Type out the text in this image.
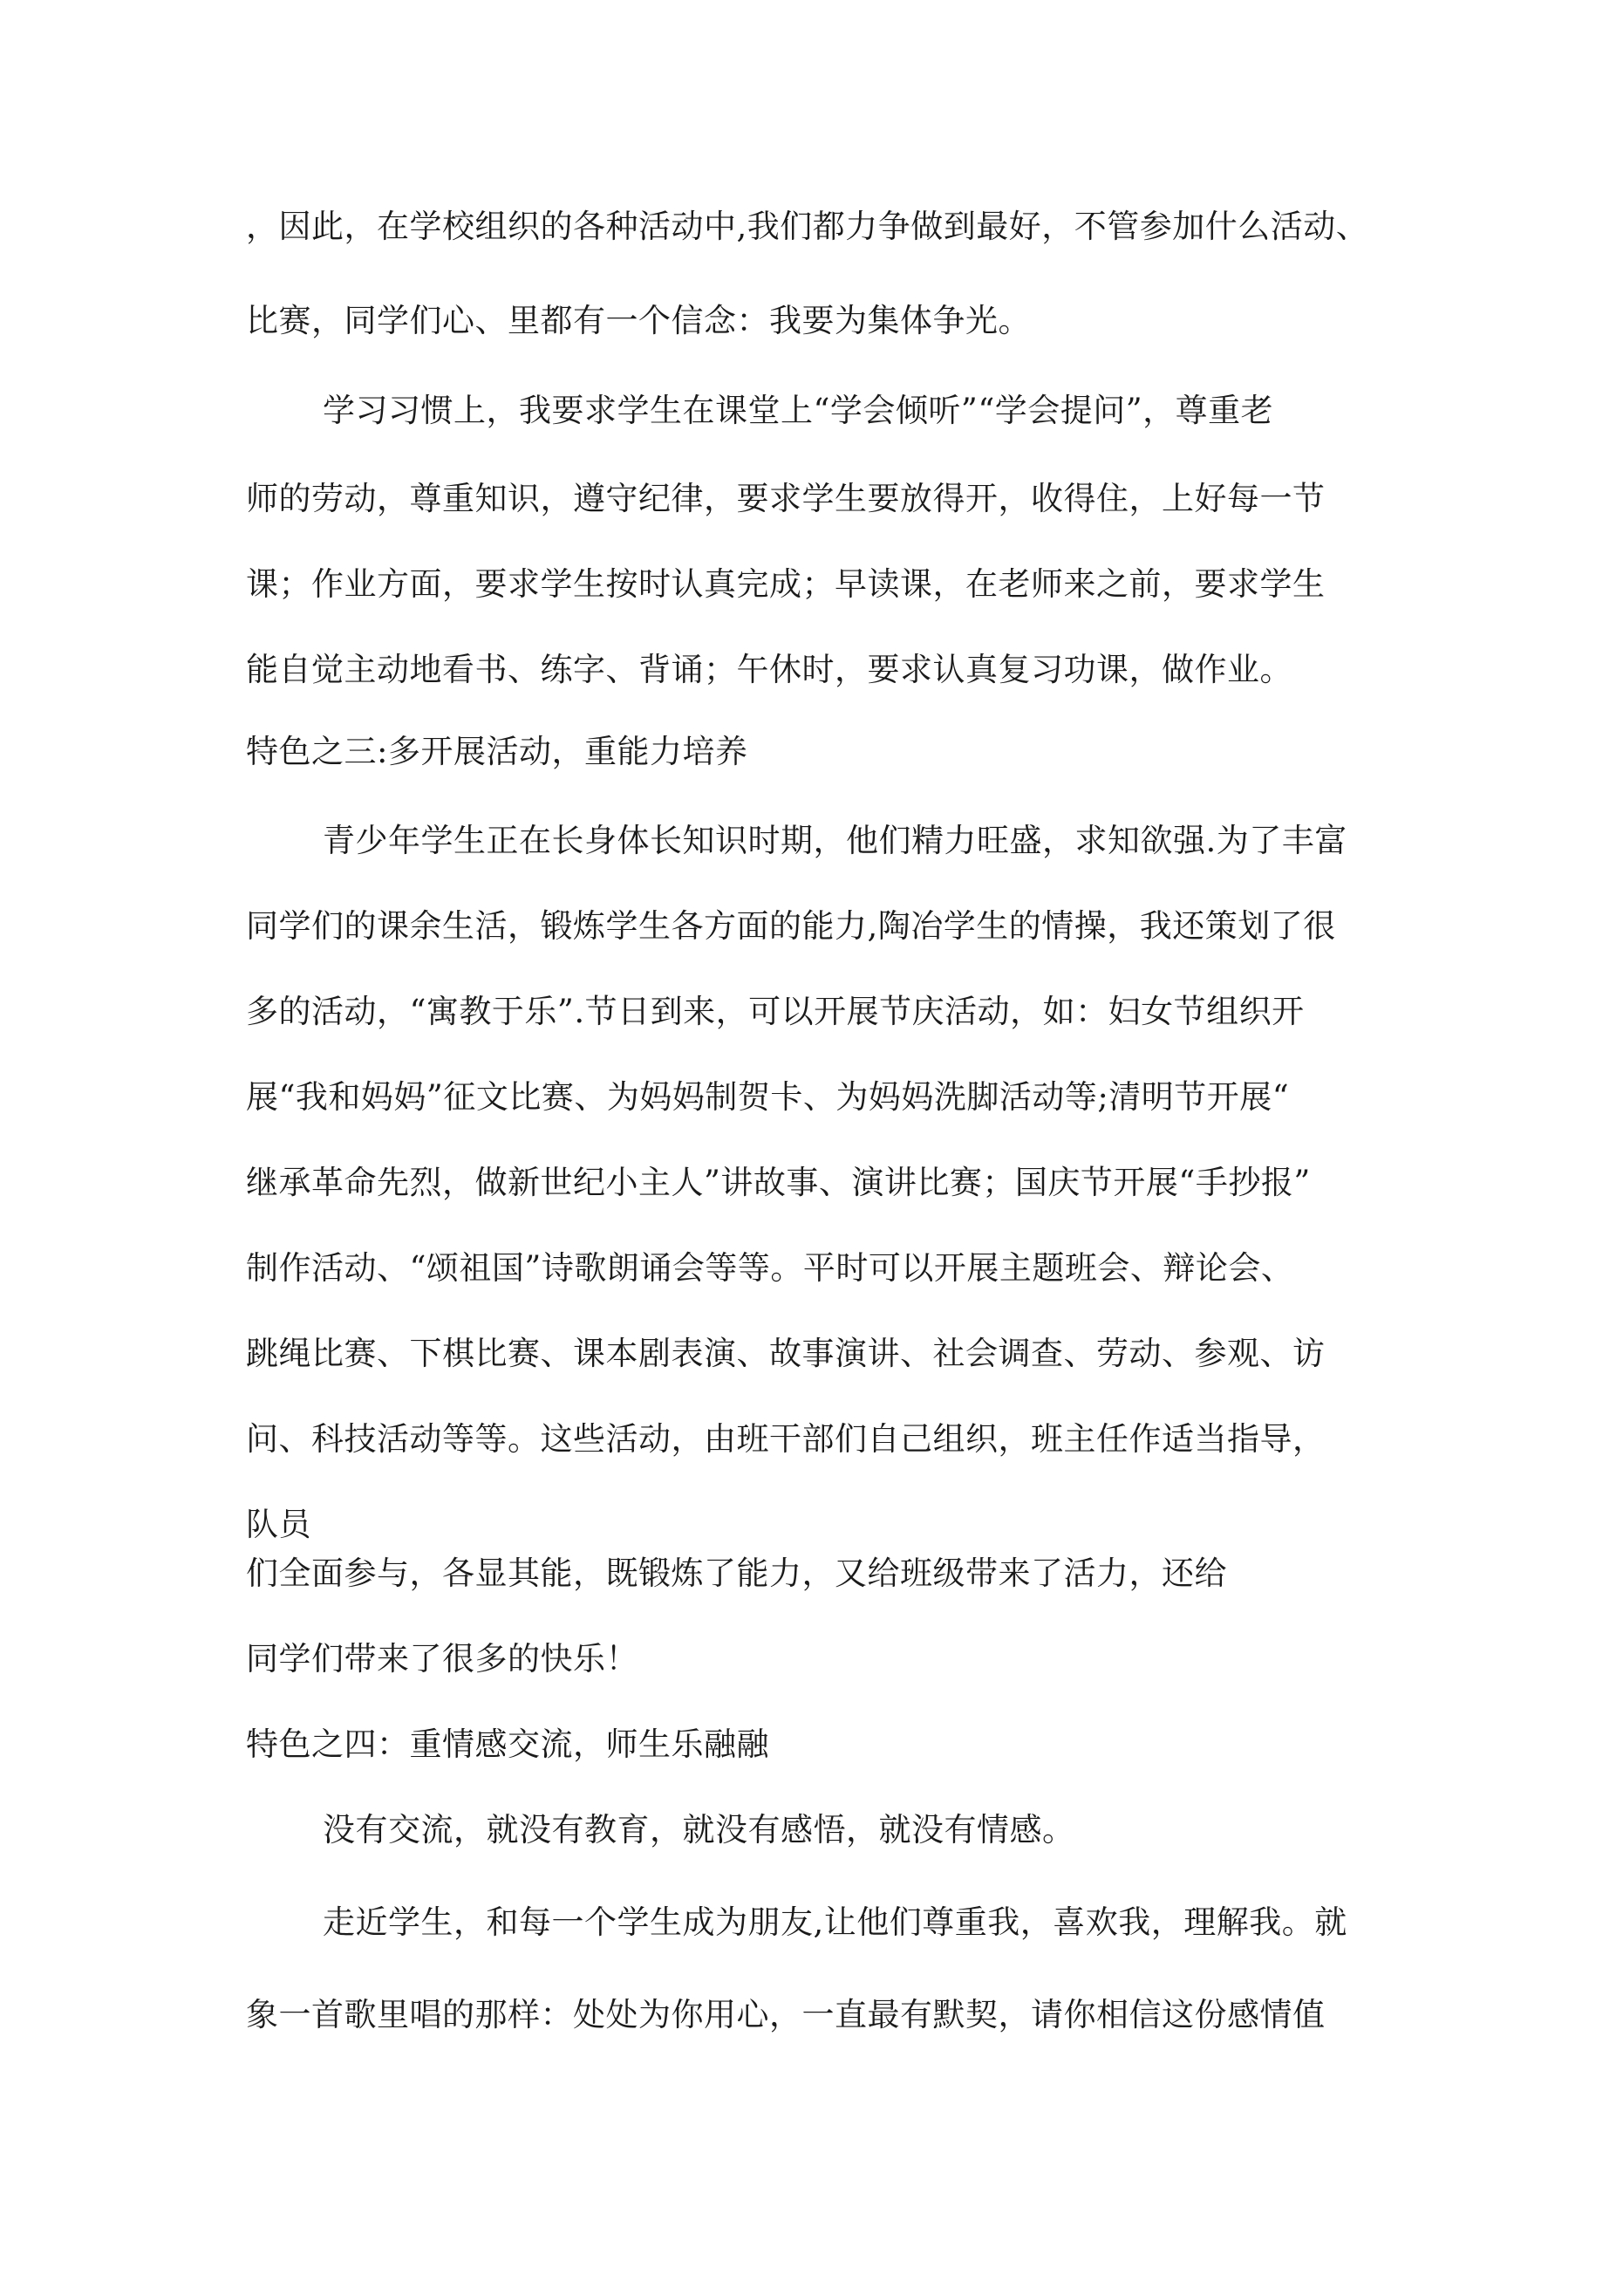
，因此，在学校组织的各种活动中,我们都力争做到最好，不管参加什么活动、

比赛，同学们心、里都有一个信念：我要为集体争光。

学习习惯上，我要求学生在课堂上“学会倾听”“学会提问”，尊重老

师的劳动，尊重知识，遵守纪律，要求学生要放得开，收得住，上好每一节

课；作业方面，要求学生按时认真完成；早读课，在老师来之前，要求学生

能自觉主动地看书、练字、背诵；午休时，要求认真复习功课，做作业。

特色之三:多开展活动，重能力培养

青少年学生正在长身体长知识时期，他们精力旺盛，求知欲强.为了丰富

同学们的课余生活，锻炼学生各方面的能力,陶冶学生的情操，我还策划了很

多的活动，“寓教于乐”.节日到来，可以开展节庆活动，如：妇女节组织开

展“我和妈妈”征文比赛、为妈妈制贺卡、为妈妈洗脚活动等;清明节开展“

继承革命先烈，做新世纪小主人”讲故事、演讲比赛；国庆节开展“手抄报”

制作活动、“颂祖国”诗歌朗诵会等等。平时可以开展主题班会、辩论会、

跳绳比赛、下棋比赛、课本剧表演、故事演讲、社会调查、劳动、参观、访

问、科技活动等等。这些活动，由班干部们自己组织，班主任作适当指导，

队员

们全面参与，各显其能，既锻炼了能力，又给班级带来了活力，还给

同学们带来了很多的快乐！

特色之四：重情感交流，师生乐融融

没有交流，就没有教育，就没有感悟，就没有情感。

走近学生，和每一个学生成为朋友,让他们尊重我，喜欢我，理解我。就

象一首歌里唱的那样：处处为你用心，一直最有默契，请你相信这份感情值
